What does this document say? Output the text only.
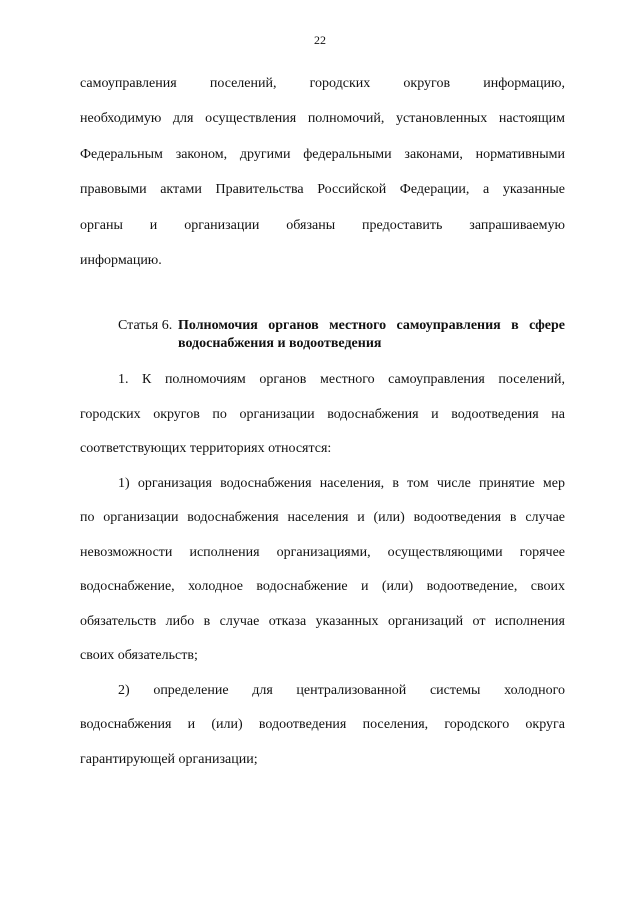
22
самоуправления поселений, городских округов информацию,
необходимую для осуществления полномочий, установленных настоящим
Федеральным законом, другими федеральными законами, нормативными
правовыми актами Правительства Российской Федерации, а указанные
органы и организации обязаны предоставить запрашиваемую
информацию.
Статья 6. Полномочия органов местного самоуправления в сфере
водоснабжения и водоотведения
1. К полномочиям органов местного самоуправления поселений,
городских округов по организации водоснабжения и водоотведения на
соответствующих территориях относятся:
1) организация водоснабжения населения, в том числе принятие мер
по организации водоснабжения населения и (или) водоотведения в случае
невозможности исполнения организациями, осуществляющими горячее
водоснабжение, холодное водоснабжение и (или) водоотведение, своих
обязательств либо в случае отказа указанных организаций от исполнения
своих обязательств;
2) определение для централизованной системы холодного
водоснабжения и (или) водоотведения поселения, городского округа
гарантирующей организации;
